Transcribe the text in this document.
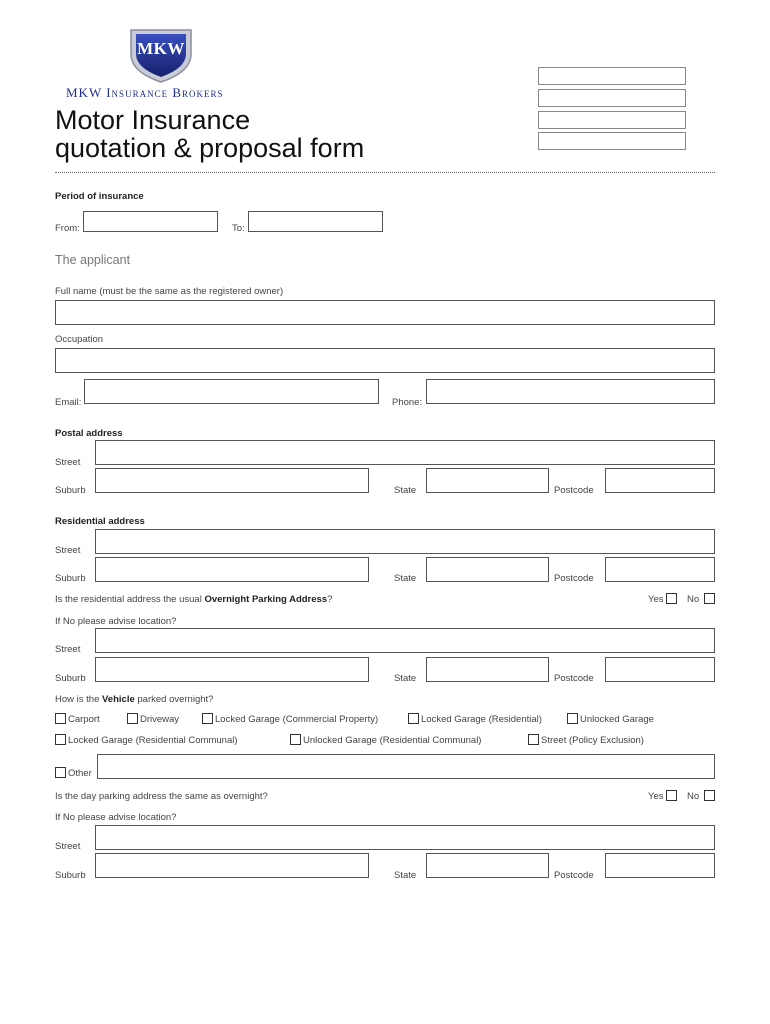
MKW
MKW Insurance Brokers
Motor Insurance
quotation & proposal form
Period of insurance
From:	To:
The applicant
Full name (must be the same as the registered owner)
Occupation
Email:	Phone:
Postal address
Street
Suburb	State	Postcode
Residential address
Street
Suburb	State	Postcode
Is the residential address the usual Overnight Parking Address?	Yes No
If No please advise location?
Street
Suburb	State	Postcode
How is the Vehicle parked overnight?
Carport	Driveway	Locked Garage (Commercial Property)	Locked Garage (Residential)	Unlocked Garage
Locked Garage (Residential Communal)	Unlocked Garage (Residential Communal)	Street (Policy Exclusion)
Other
Is the day parking address the same as overnight?	Yes No
If No please advise location?
Street
Suburb	State	Postcode
